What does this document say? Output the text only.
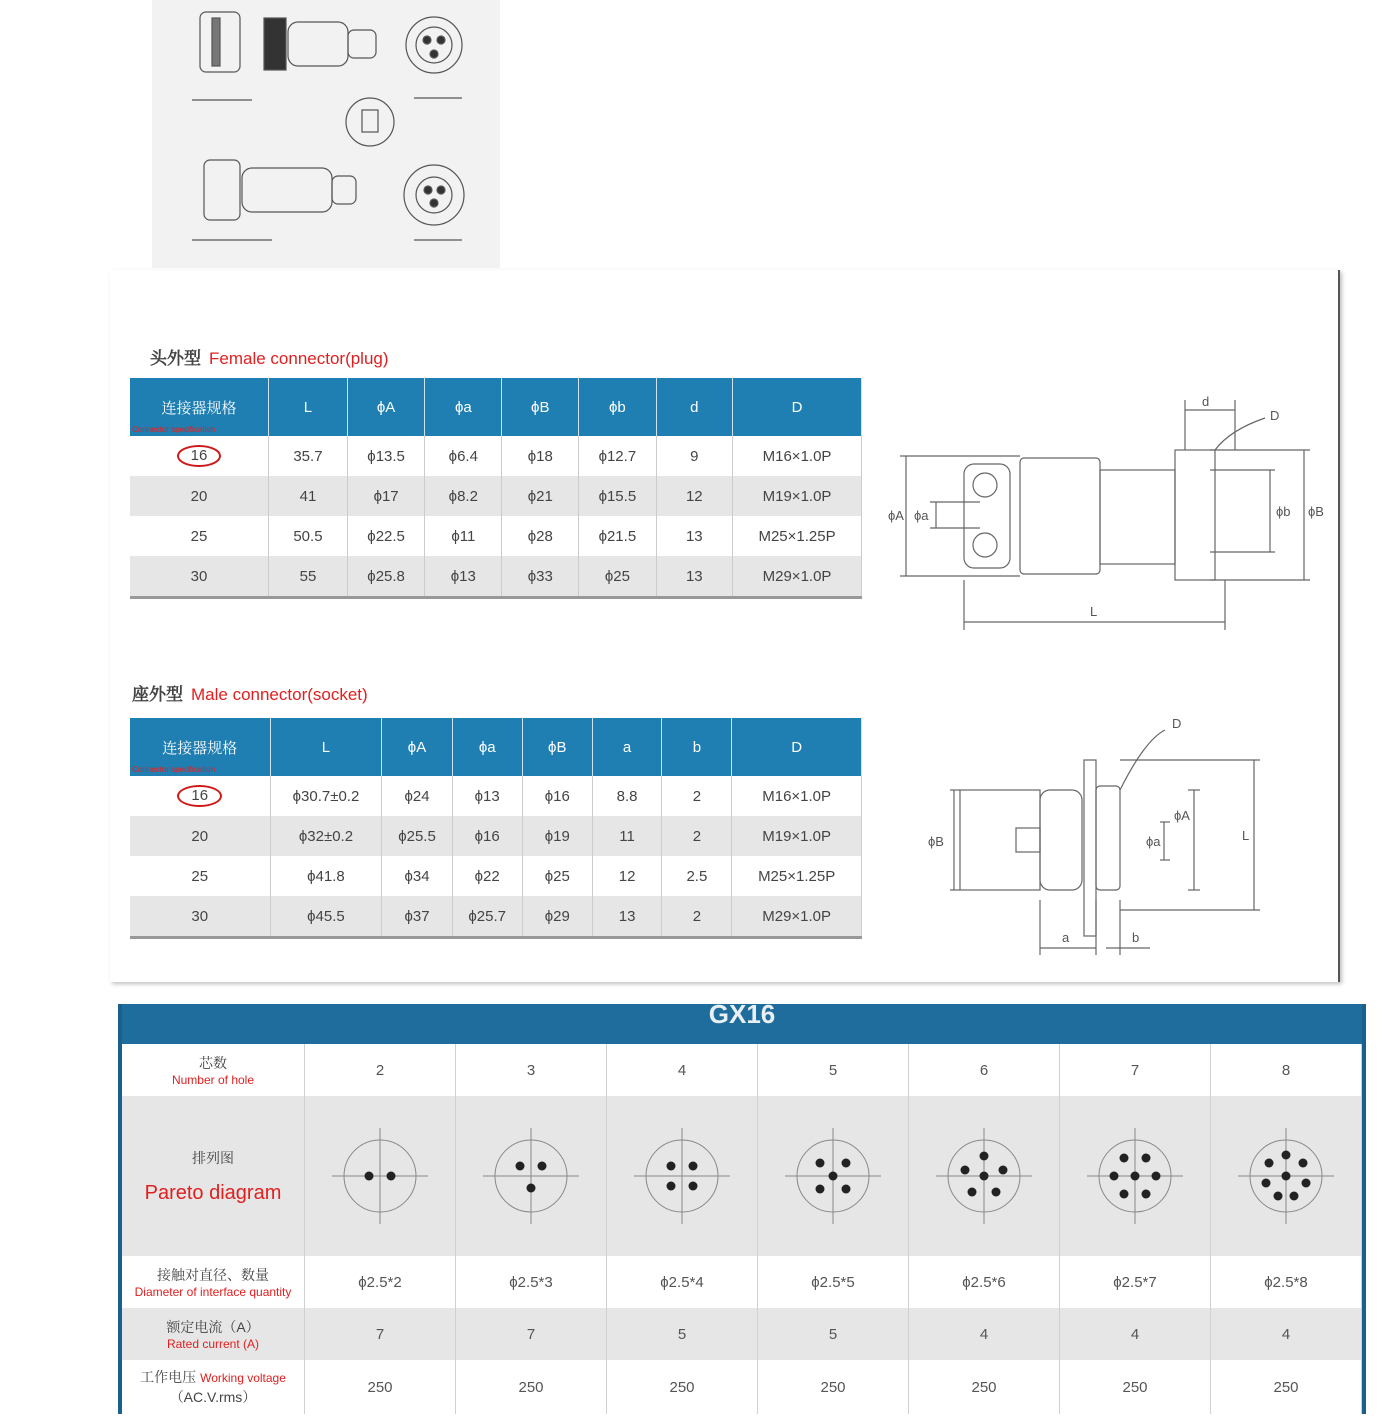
头外型 Female connector(plug)
连接器规格
Connector specification	L	ϕA	ϕa	ϕB	ϕb	d	D
16	35.7	ϕ13.5	ϕ6.4	ϕ18	ϕ12.7	9	M16×1.0P
20	41	ϕ17	ϕ8.2	ϕ21	ϕ15.5	12	M19×1.0P
25	50.5	ϕ22.5	ϕ11	ϕ28	ϕ21.5	13	M25×1.25P
30	55	ϕ25.8	ϕ13	ϕ33	ϕ25	13	M29×1.0P
d
D
ϕA ϕa	ϕb ϕB
L
座外型 Male connector(socket)
连接器规格
Connector specification	L	ϕA	ϕa	ϕB	a	b	D
16	ϕ30.7±0.2	ϕ24	ϕ13	ϕ16	8.8	2	M16×1.0P
20	ϕ32±0.2	ϕ25.5	ϕ16	ϕ19	11	2	M19×1.0P
25	ϕ41.8	ϕ34	ϕ22	ϕ25	12	2.5	M25×1.25P
30	ϕ45.5	ϕ37	ϕ25.7	ϕ29	13	2	M29×1.0P
D
ϕB	ϕa
ϕA
L
a	b
GX16
芯数
Number of hole	2	3	4	5	6	7	8
排列图
Pareto diagram

接触对直径、数量
Diameter of interface quantity	ϕ2.5*2	ϕ2.5*3	ϕ2.5*4	ϕ2.5*5	ϕ2.5*6	ϕ2.5*7	ϕ2.5*8
额定电流（A）
Rated current (A)	7	7	5	5	4	4	4
工作电压 Working voltage
（AC.V.rms）	250	250	250	250	250	250	250
